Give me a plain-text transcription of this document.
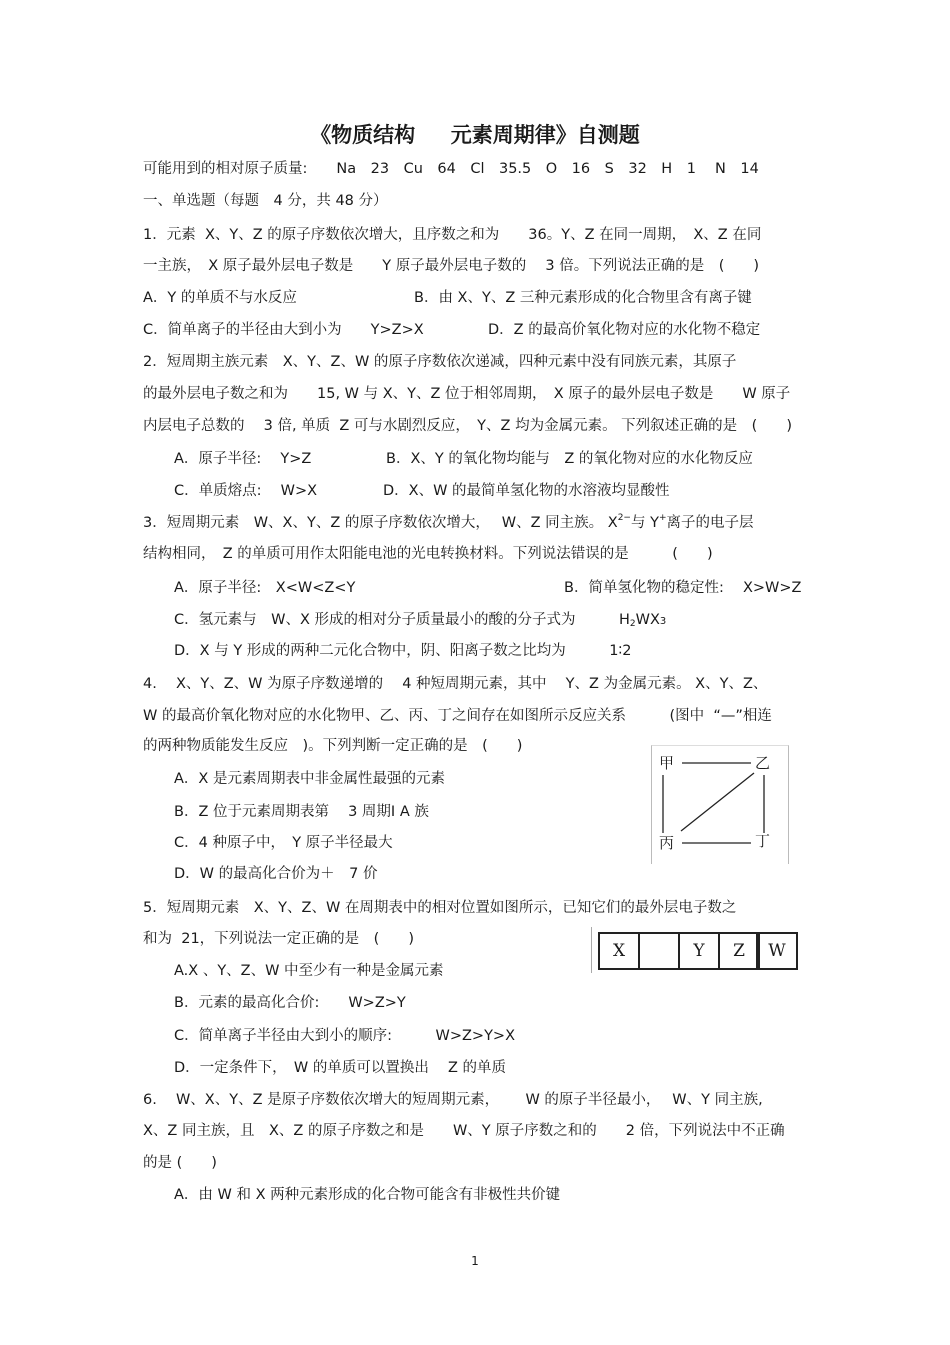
《物质结构　  元素周期律》自测题
可能用到的相对原子质量:　　Na　23　Cu　64　Cl　35.5　O　16　S　32　H　1　 N　14
一、单选题（每题　4 分，共 48 分）
1．元素  X、Y、Z 的原子序数依次增大，且序数之和为　　36。Y、Z 在同一周期，　X、Z 在同
一主族，　X 原子最外层电子数是　　Y 原子最外层电子数的　 3 倍。下列说法正确的是　(　　)
A．Y 的单质不与水反应	B．由 X、Y、Z 三种元素形成的化合物里含有离子键
C．简单离子的半径由大到小为　　Y>Z>X	D．Z 的最高价氧化物对应的水化物不稳定
2．短周期主族元素　X、Y、Z、W 的原子序数依次递减，四种元素中没有同族元素，其原子
的最外层电子数之和为　　15, W 与 X、Y、Z 位于相邻周期，　X 原子的最外层电子数是　　W 原子
内层电子总数的　 3 倍, 单质  Z 可与水剧烈反应，　Y、Z 均为金属元素。 下列叙述正确的是　(　　)
A．原子半径:　 Y>Z	B．X、Y 的氧化物均能与　Z 的氧化物对应的水化物反应
C．单质熔点:　 W>X	D．X、W 的最简单氢化物的水溶液均显酸性
3．短周期元素　W、X、Y、Z 的原子序数依次增大，　 W、Z 同主族。 $X^{2-}$与 Y+离子的电子层
结构相同，　Z 的单质可用作太阳能电池的光电转换材料。下列说法错误的是　　　(　　)
A．原子半径:　X<W<Z<Y	B．简单氢化物的稳定性:　 X>W>Z
C．氢元素与　W、X 形成的相对分子质量最小的酸的分子式为　　　$H_2WX3$
D．X 与 Y 形成的两种二元化合物中，阴、阳离子数之比均为　　　1∶2
4.　 X、Y、Z、W 为原子序数递增的　 4 种短周期元素，其中　 Y、Z 为金属元素。 X、Y、Z、
W 的最高价氧化物对应的水化物甲、乙、丙、丁之间存在如图所示反应关系　　　(图中  “—”相连
的两种物质能发生反应　)。下列判断一定正确的是　(　　)
A．X 是元素周期表中非金属性最强的元素
B．Z 位于元素周期表第　 3 周期Ⅰ A 族
C．4 种原子中，　Y 原子半径最大
D．W 的最高化合价为＋　7 价
甲	乙
丙	丁
5．短周期元素　X、Y、Z、W 在周期表中的相对位置如图所示，已知它们的最外层电子数之
和为  21，下列说法一定正确的是　(　　)
A.X 、Y、Z、W 中至少有一种是金属元素
B．元素的最高化合价:　　W>Z>Y
C．简单离子半径由大到小的顺序:　　　W>Z>Y>X
D．一定条件下，　W 的单质可以置换出　 Z 的单质
X	Y	Z	W
6.　 W、X、Y、Z 是原子序数依次增大的短周期元素，　　 W 的原子半径最小，　 W、Y 同主族,
X、Z 同主族，且　X、Z 的原子序数之和是　　W、Y 原子序数之和的　　2 倍，下列说法中不正确
的是 (　　)
A．由 W 和 X 两种元素形成的化合物可能含有非极性共价键
1
